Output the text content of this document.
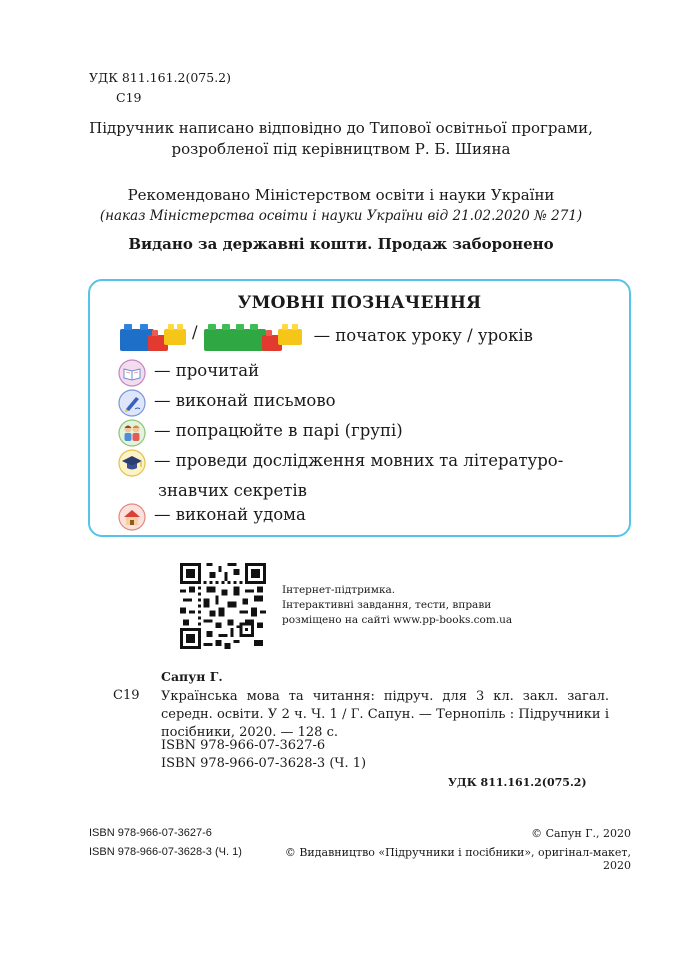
УДК 811.161.2(075.2)
С19
Підручник написано відповідно до Типової освітньої програми,
розробленої під керівництвом Р. Б. Шияна
Рекомендовано Міністерством освіти і науки України
(наказ Міністерства освіти і науки України від 21.02.2020 № 271)
Видано за державні кошти. Продаж заборонено
УМОВНІ ПОЗНАЧЕННЯ
/	— початок уроку / уроків
— прочитай
— виконай письмово
— попрацюйте в парі (групі)
— проведи дослідження мовних та літературо-
знавчих секретів
— виконай удома
Інтернет-підтримка.
Інтерактивні завдання, тести, вправи
розміщено на сайті www.pp-books.com.ua
Сапун Г.
С19 Українська мова та читання: підруч. для 3 кл. закл. загал. середн. освіти. У 2 ч. Ч. 1 / Г. Сапун. — Тернопіль : Підручники і посібники, 2020. — 128 с.
ISBN 978-966-07-3627-6
ISBN 978-966-07-3628-3 (Ч. 1)
УДК 811.161.2(075.2)
ISBN 978-966-07-3627-6
ISBN 978-966-07-3628-3 (Ч. 1)
© Сапун Г., 2020
© Видавництво «Підручники і посібники», оригінал-макет, 2020
